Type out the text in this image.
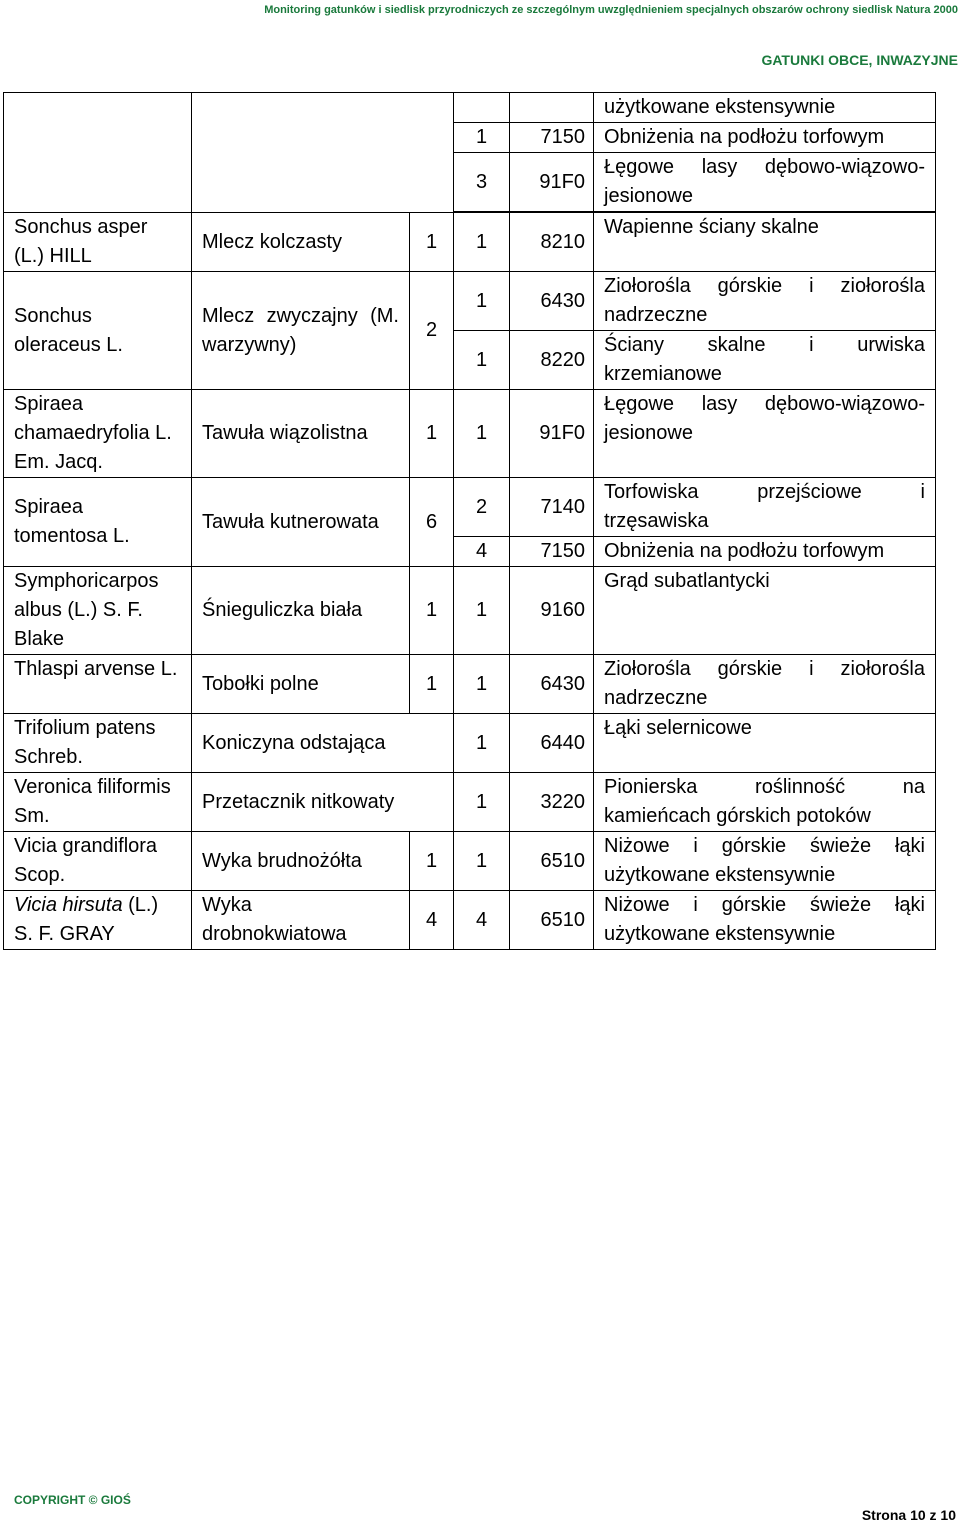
Monitoring gatunków i siedlisk przyrodniczych ze szczególnym uwzględnieniem specjalnych obszarów ochrony siedlisk Natura 2000
GATUNKI OBCE, INWAZYJNE
					użytkowane ekstensywnie
			1	7150	Obniżenia na podłożu torfowym
			3	91F0	Łęgowe lasy dębowo-wiązowo-jesionowe

Sonchus asper (L.) HILL	Mlecz kolczasty	1	1	8210	Wapienne ściany skalne
Sonchus oleraceus L.	Mlecz zwyczajny (M. warzywny)	2	1	6430	Ziołorośla górskie i ziołorośla nadrzeczne
			1	8220	Ściany skalne i urwiska krzemianowe
Spiraea chamaedryfolia L. Em. Jacq.	Tawuła wiązolistna	1	1	91F0	Łęgowe lasy dębowo-wiązowo-jesionowe
Spiraea tomentosa L.	Tawuła kutnerowata	6	2	7140	Torfowiska przejściowe i trzęsawiska
			4	7150	Obniżenia na podłożu torfowym
Symphoricarpos albus (L.) S. F. Blake	Śnieguliczka biała	1	1	9160	Grąd subatlantycki
Thlaspi arvense L.	Tobołki polne	1	1	6430	Ziołorośla górskie i ziołorośla nadrzeczne
Trifolium patens Schreb.	Koniczyna odstająca		1	6440	Łąki selernicowe
Veronica filiformis Sm.	Przetacznik nitkowaty		1	3220	Pionierska roślinność na kamieńcach górskich potoków
Vicia grandiflora Scop.	Wyka brudnożółta	1	1	6510	Niżowe i górskie świeże łąki użytkowane ekstensywnie
Vicia hirsuta (L.) S. F. GRAY	Wyka drobnokwiatowa	4	4	6510	Niżowe i górskie świeże łąki użytkowane ekstensywnie
COPYRIGHT © GIOŚ
Strona 10 z 10
